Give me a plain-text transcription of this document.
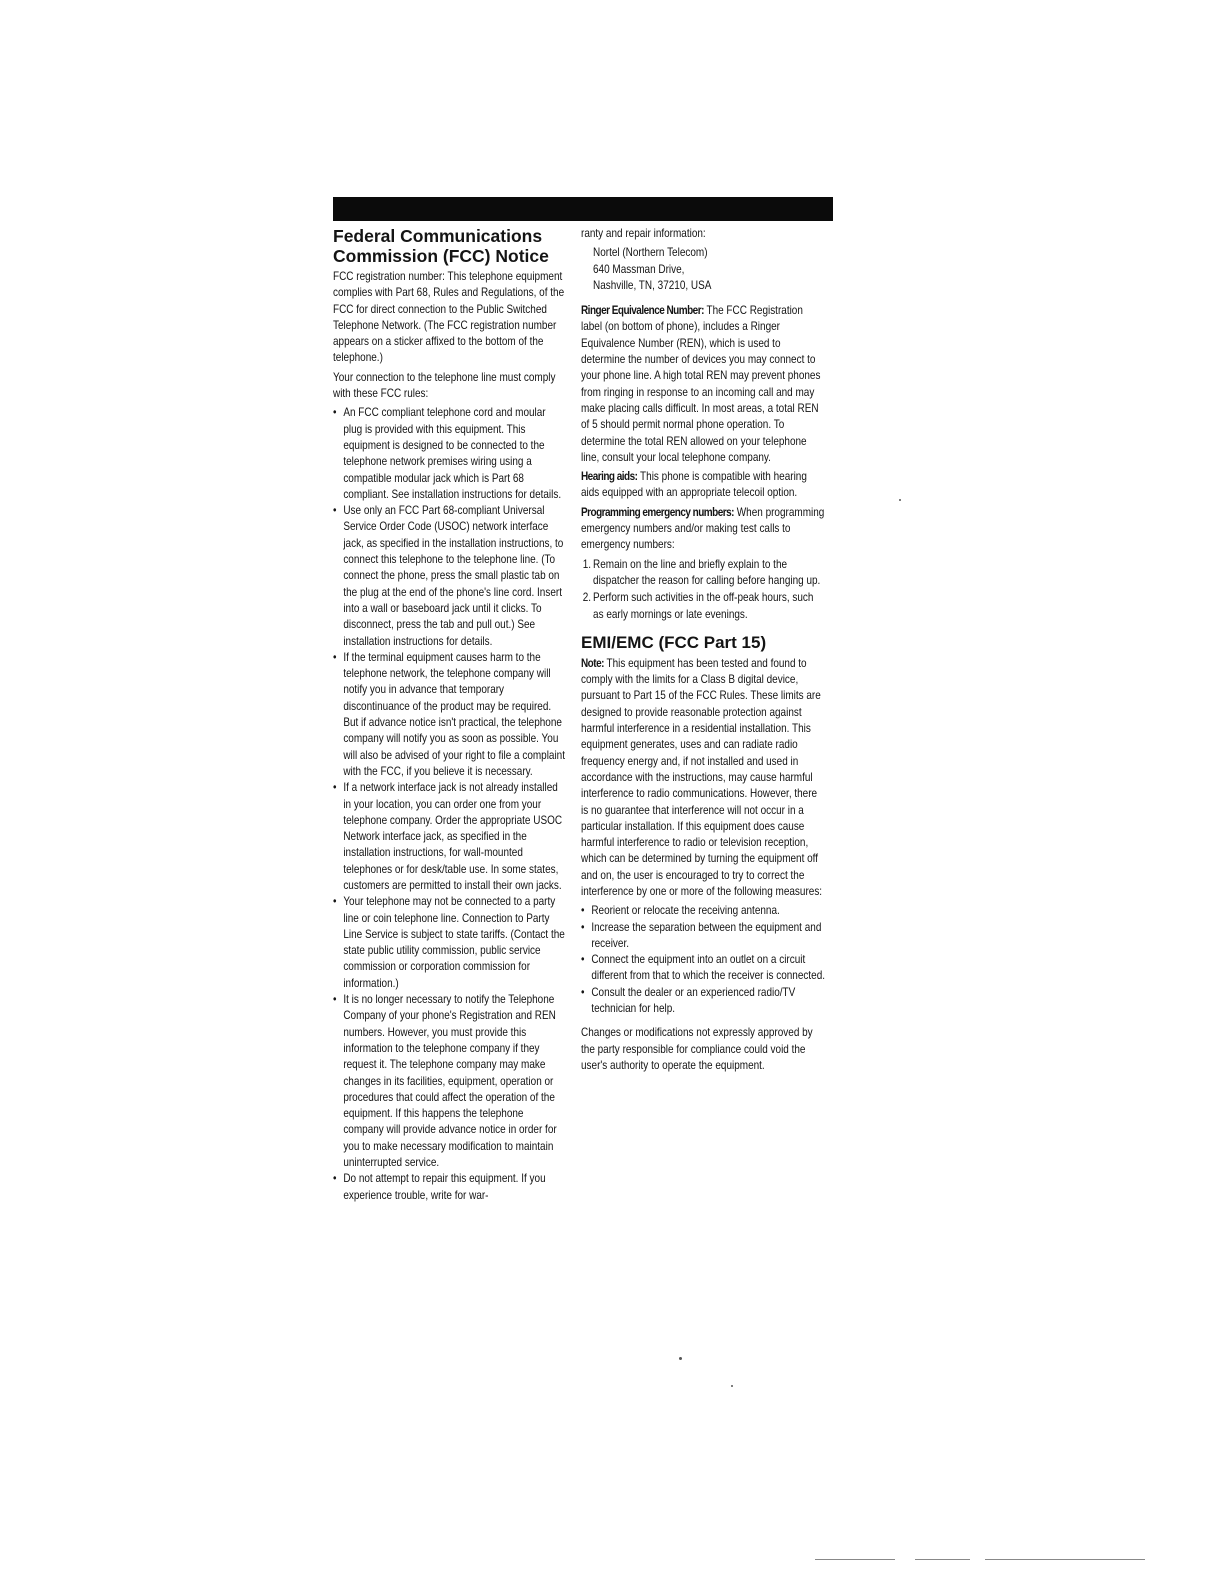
Federal Communications Commission (FCC) Notice

FCC registration number: This telephone equipment complies with Part 68, Rules and Regulations, of the FCC for direct connection to the Public Switched Telephone Network. (The FCC registration number appears on a sticker affixed to the bottom of the telephone.)

Your connection to the telephone line must comply with these FCC rules:

• An FCC compliant telephone cord and moular plug is provided with this equipment. This equipment is designed to be connected to the telephone network premises wiring using a compatible modular jack which is Part 68 compliant. See installation instructions for details.
• Use only an FCC Part 68-compliant Universal Service Order Code (USOC) network interface jack, as specified in the installation instructions, to connect this telephone to the telephone line. (To connect the phone, press the small plastic tab on the plug at the end of the phone's line cord. Insert into a wall or baseboard jack until it clicks. To disconnect, press the tab and pull out.) See installation instructions for details.
• If the terminal equipment causes harm to the telephone network, the telephone company will notify you in advance that temporary discontinuance of the product may be required. But if advance notice isn't practical, the telephone company will notify you as soon as possible. You will also be advised of your right to file a complaint with the FCC, if you believe it is necessary.
• If a network interface jack is not already installed in your location, you can order one from your telephone company. Order the appropriate USOC Network interface jack, as specified in the installation instructions, for wall-mounted telephones or for desk/table use. In some states, customers are permitted to install their own jacks.
• Your telephone may not be connected to a party line or coin telephone line. Connection to Party Line Service is subject to state tariffs. (Contact the state public utility commission, public service commission or corporation commission for information.)
• It is no longer necessary to notify the Telephone Company of your phone's Registration and REN numbers. However, you must provide this information to the telephone company if they request it. The telephone company may make changes in its facilities, equipment, operation or procedures that could affect the operation of the equipment. If this happens the telephone company will provide advance notice in order for you to make necessary modification to maintain uninterrupted service.
• Do not attempt to repair this equipment. If you experience trouble, write for war-

ranty and repair information:

Nortel (Northern Telecom)
640 Massman Drive,
Nashville, TN, 37210, USA

Ringer Equivalence Number: The FCC Registration label (on bottom of phone), includes a Ringer Equivalence Number (REN), which is used to determine the number of devices you may connect to your phone line. A high total REN may prevent phones from ringing in response to an incoming call and may make placing calls difficult. In most areas, a total REN of 5 should permit normal phone operation. To determine the total REN allowed on your telephone line, consult your local telephone company.

Hearing aids: This phone is compatible with hearing aids equipped with an appropriate telecoil option.

Programming emergency numbers: When programming emergency numbers and/or making test calls to emergency numbers:

1. Remain on the line and briefly explain to the dispatcher the reason for calling before hanging up.
2. Perform such activities in the off-peak hours, such as early mornings or late evenings.
EMI/EMC (FCC Part 15)

Note: This equipment has been tested and found to comply with the limits for a Class B digital device, pursuant to Part 15 of the FCC Rules. These limits are designed to provide reasonable protection against harmful interference in a residential installation. This equipment generates, uses and can radiate radio frequency energy and, if not installed and used in accordance with the instructions, may cause harmful interference to radio communications. However, there is no guarantee that interference will not occur in a particular installation. If this equipment does cause harmful interference to radio or television reception, which can be determined by turning the equipment off and on, the user is encouraged to try to correct the interference by one or more of the following measures:

• Reorient or relocate the receiving antenna.
• Increase the separation between the equipment and receiver.
• Connect the equipment into an outlet on a circuit different from that to which the receiver is connected.
• Consult the dealer or an experienced radio/TV technician for help.

Changes or modifications not expressly approved by the party responsible for compliance could void the user's authority to operate the equipment.
